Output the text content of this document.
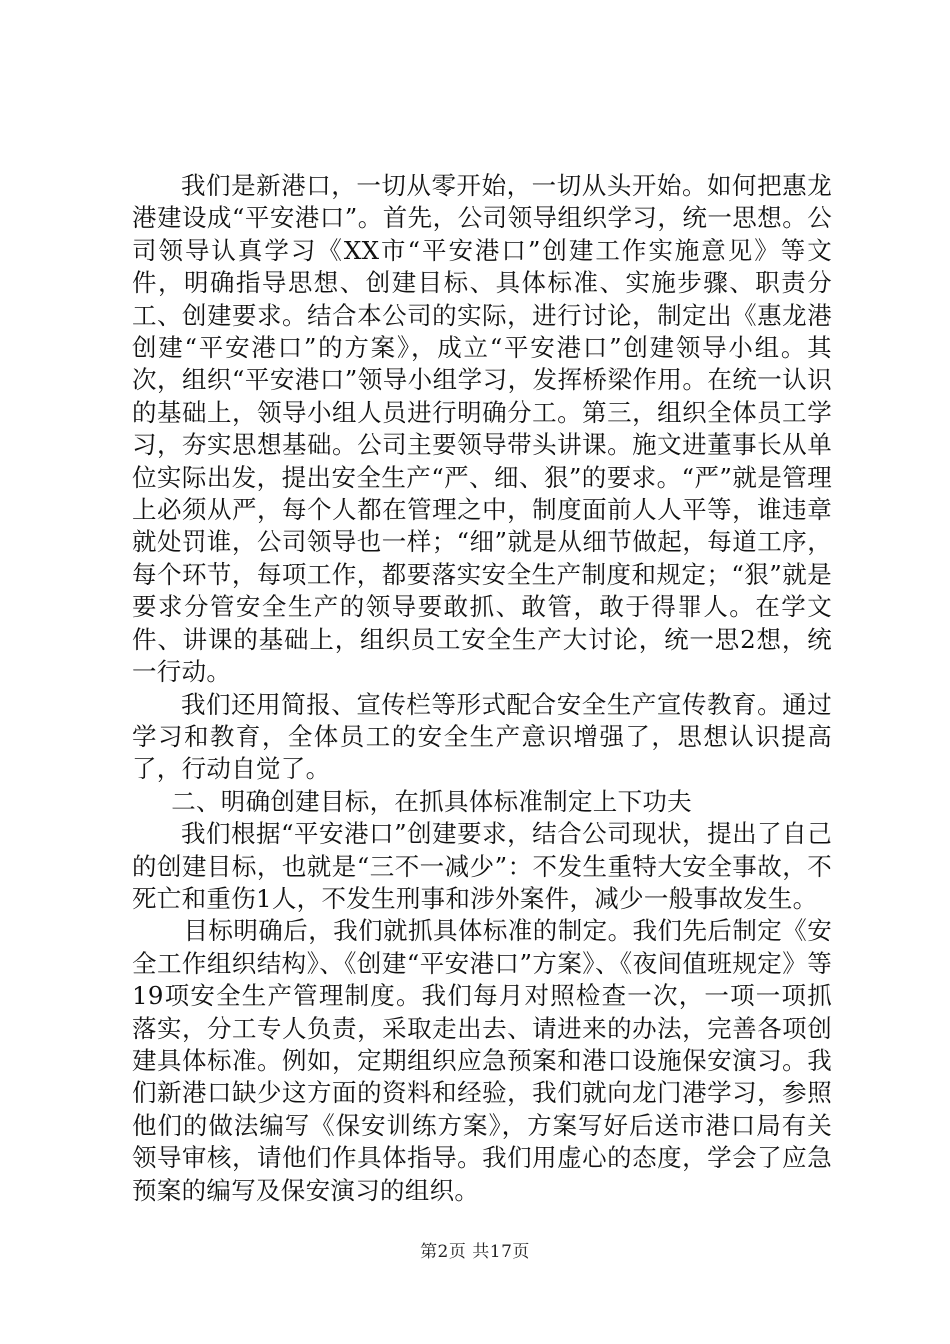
我们是新港口，一切从零开始，一切从头开始。如何把惠龙港建设成“平安港口”。首先，公司领导组织学习，统一思想。公司领导认真学习《XX市“平安港口”创建工作实施意见》等文件，明确指导思想、创建目标、具体标准、实施步骤、职责分工、创建要求。结合本公司的实际，进行讨论，制定出《惠龙港创建“平安港口”的方案》，成立“平安港口”创建领导小组。其次，组织“平安港口”领导小组学习，发挥桥梁作用。在统一认识的基础上，领导小组人员进行明确分工。第三，组织全体员工学习，夯实思想基础。公司主要领导带头讲课。施文进董事长从单位实际出发，提出安全生产“严、细、狠”的要求。“严”就是管理上必须从严，每个人都在管理之中，制度面前人人平等，谁违章就处罚谁，公司领导也一样；“细”就是从细节做起，每道工序，每个环节，每项工作，都要落实安全生产制度和规定；“狠”就是要求分管安全生产的领导要敢抓、敢管，敢于得罪人。在学文件、讲课的基础上，组织员工安全生产大讨论，统一思2想，统一行动。

我们还用简报、宣传栏等形式配合安全生产宣传教育。通过学习和教育，全体员工的安全生产意识增强了，思想认识提高了，行动自觉了。

二、明确创建目标，在抓具体标准制定上下功夫

我们根据“平安港口”创建要求，结合公司现状，提出了自己的创建目标，也就是“三不一减少”：不发生重特大安全事故，不死亡和重伤1人，不发生刑事和涉外案件，减少一般事故发生。

目标明确后，我们就抓具体标准的制定。我们先后制定《安全工作组织结构》、《创建“平安港口”方案》、《夜间值班规定》等19项安全生产管理制度。我们每月对照检查一次，一项一项抓落实，分工专人负责，采取走出去、请进来的办法，完善各项创建具体标准。例如，定期组织应急预案和港口设施保安演习。我们新港口缺少这方面的资料和经验，我们就向龙门港学习，参照他们的做法编写《保安训练方案》，方案写好后送市港口局有关领导审核，请他们作具体指导。我们用虚心的态度，学会了应急预案的编写及保安演习的组织。

第2页 共17页
